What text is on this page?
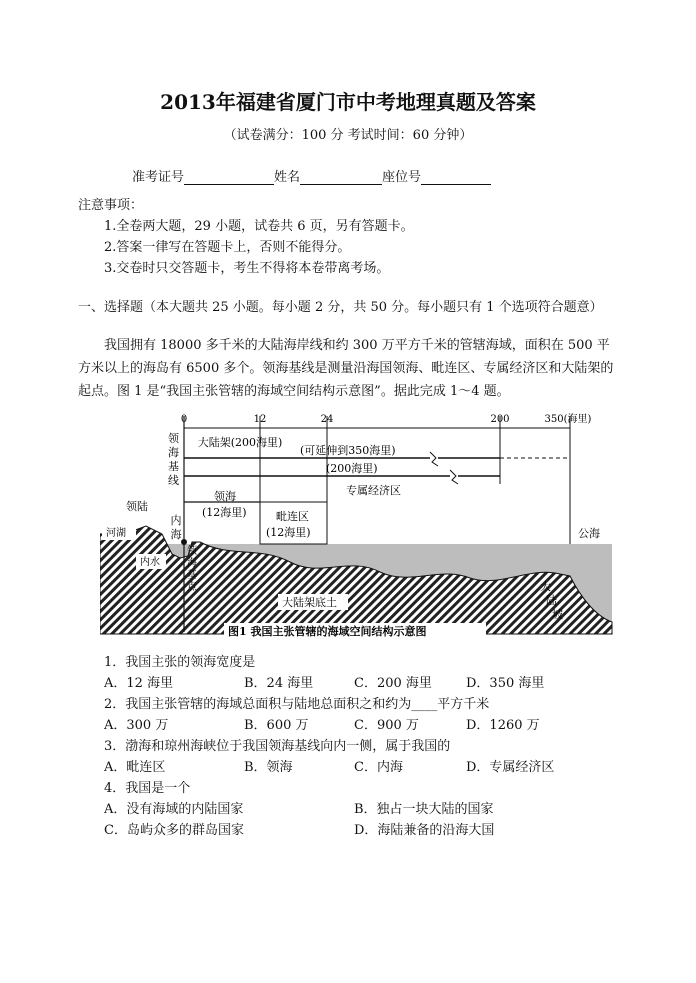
2013年福建省厦门市中考地理真题及答案
（试卷满分：100 分 考试时间：60 分钟）
准考证号	姓名	座位号
注意事项：
1.全卷两大题，29 小题，试卷共 6 页，另有答题卡。
2.答案一律写在答题卡上，否则不能得分。
3.交卷时只交答题卡，考生不得将本卷带离考场。
一、选择题（本大题共 25 小题。每小题 2 分，共 50 分。每小题只有 1 个选项符合题意）
我国拥有 18000 多千米的大陆海岸线和约 300 万平方千米的管辖海域，面积在 500 平方米以上的海岛有 6500 多个。领海基线是测量沿海国领海、毗连区、专属经济区和大陆架的起点。图 1 是“我国主张管辖的海域空间结构示意图”。据此完成 1～4 题。
0	12	24	200	350(海里)
大陆架(200海里)
(可延伸到350海里)
(200海里)
专属经济区
领海
(12海里)	毗连区
(12海里)
领
海
基
线
领陆
河湖
内水
内
海
领
海
基
点
公海
大陆架底土
大
陆
坡
图1 我国主张管辖的海域空间结构示意图
1．我国主张的领海宽度是
A．12 海里	B．24 海里	C．200 海里	D．350 海里
2．我国主张管辖的海域总面积与陆地总面积之和约为____平方千米
A．300 万	B．600 万	C．900 万	D．1260 万
3．渤海和琼州海峡位于我国领海基线向内一侧，属于我国的
A．毗连区	B．领海	C．内海	D．专属经济区
4．我国是一个
A．没有海域的内陆国家	B．独占一块大陆的国家
C．岛屿众多的群岛国家	D．海陆兼备的沿海大国
